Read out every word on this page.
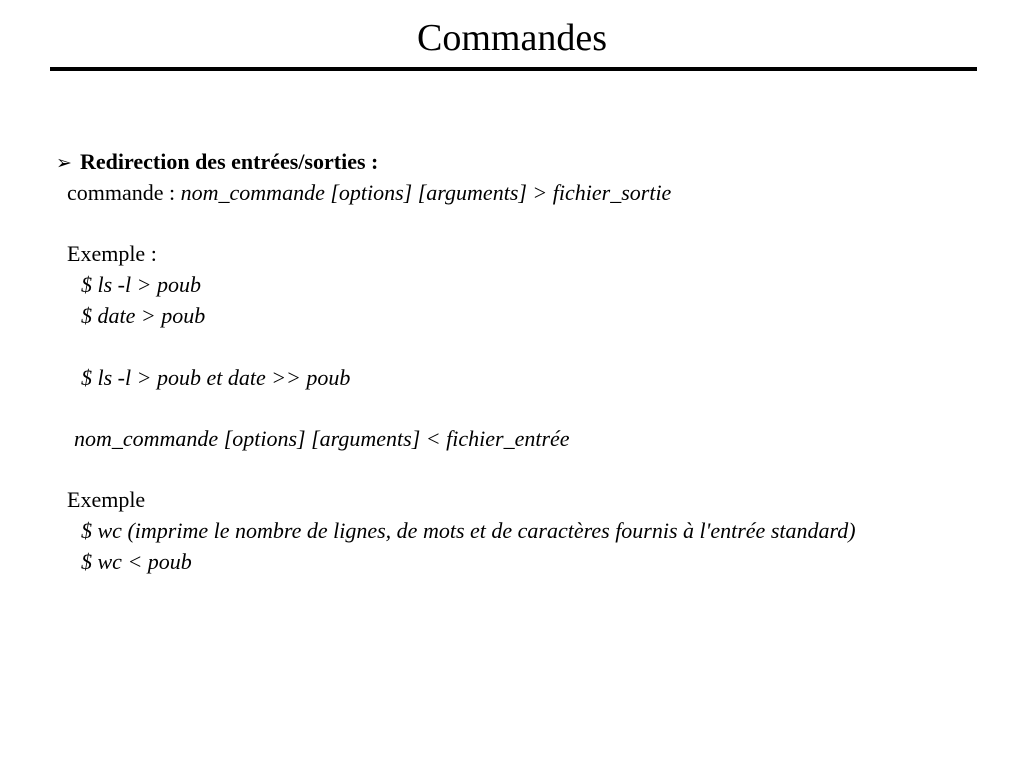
Commandes
➢ Redirection des entrées/sorties :
commande : nom_commande [options] [arguments] > fichier_sortie
Exemple :
$ ls -l > poub
$ date > poub
$ ls -l > poub et date >> poub
nom_commande [options] [arguments] < fichier_entrée
Exemple
$ wc (imprime le nombre de lignes, de mots et de caractères fournis à l'entrée standard)
$ wc < poub
